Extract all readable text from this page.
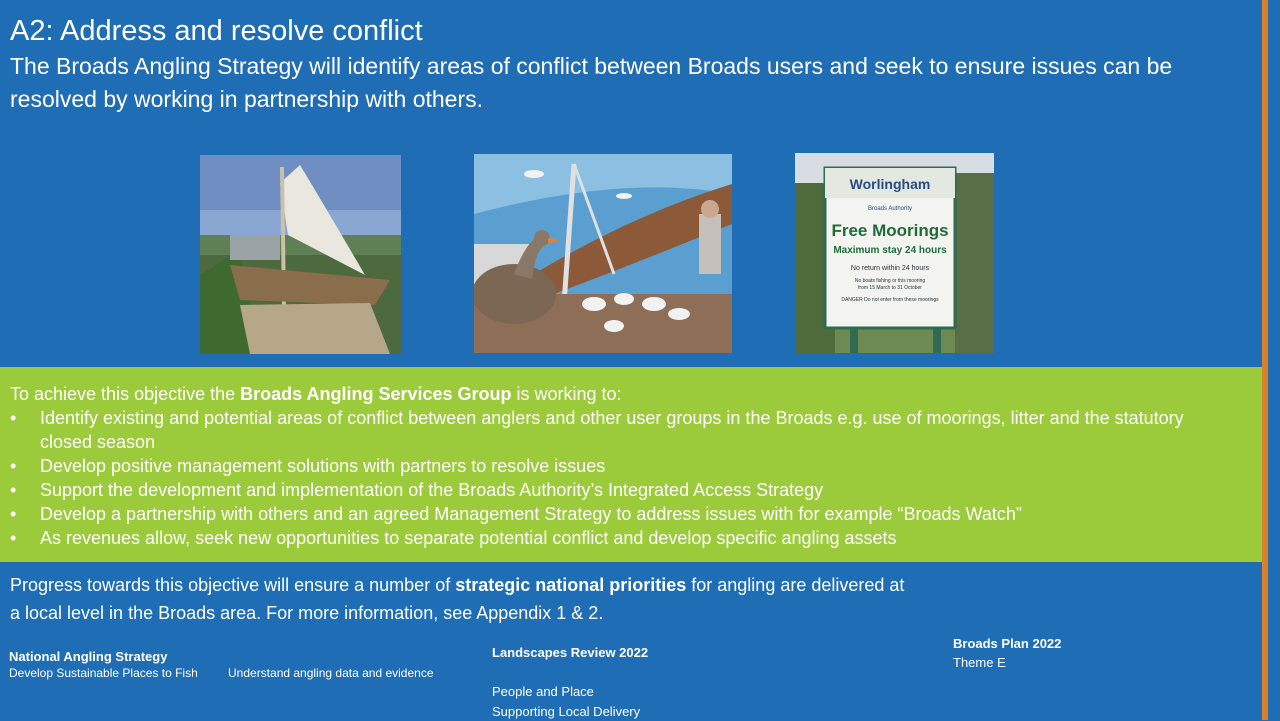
A2: Address and resolve conflict

The Broads Angling Strategy will identify areas of conflict between Broads users and seek to ensure issues can be resolved by working in partnership with others.

Worlingham
Broads Authority
Free Moorings
Maximum stay 24 hours
No return within 24 hours
No boats fishing or this mooring
from 15 March to 31 October
DANGER Do not enter from these moorings

To achieve this objective the Broads Angling Services Group is working to:

• Identify existing and potential areas of conflict between anglers and other user groups in the Broads e.g. use of moorings, litter and the statutory closed season
• Develop positive management solutions with partners to resolve issues
• Support the development and implementation of the Broads Authority’s Integrated Access Strategy
• Develop a partnership with others and an agreed Management Strategy to address issues with for example “Broads Watch”
• As revenues allow, seek new opportunities to separate potential conflict and develop specific angling assets

Progress towards this objective will ensure a number of strategic national priorities for angling are delivered at a local level in the Broads area. For more information, see Appendix 1 & 2.

National Angling Strategy
Develop Sustainable Places to Fish	Understand angling data and evidence
Landscapes Review 2022
People and Place
Supporting Local Delivery
Broads Plan 2022
Theme E
